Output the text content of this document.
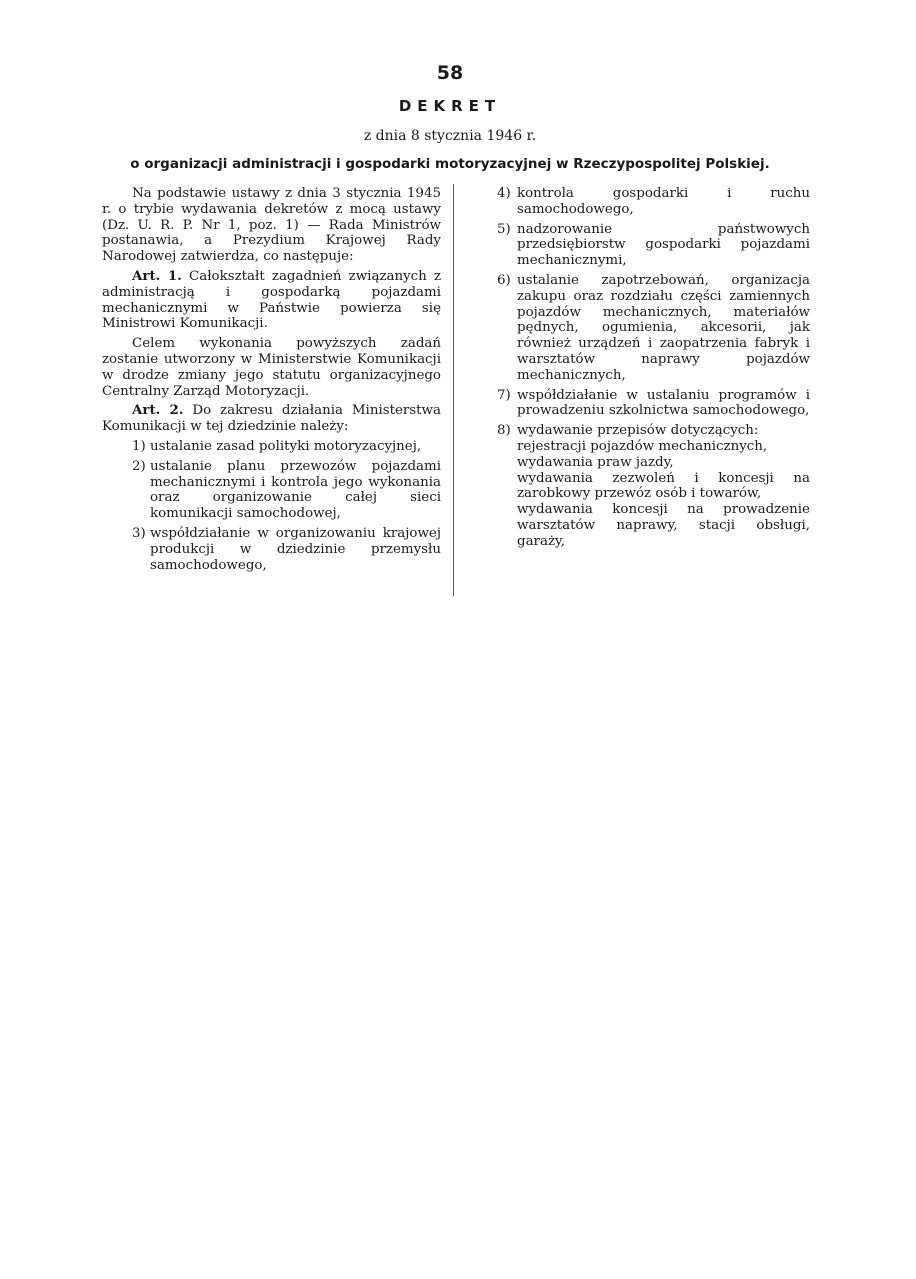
58
DEKRET
z dnia 8 stycznia 1946 r.
o organizacji administracji i gospodarki motoryzacyjnej w Rzeczypospolitej Polskiej.

Na podstawie ustawy z dnia 3 stycznia 1945 r. o trybie wydawania dekretów z mocą ustawy (Dz. U. R. P. Nr 1, poz. 1) — Rada Ministrów postanawia, a Prezydium Krajowej Rady Narodowej zatwierdza, co następuje:

Art. 1. Całokształt zagadnień związanych z administracją i gospodarką pojazdami mechanicznymi w Państwie powierza się Ministrowi Komunikacji.

Celem wykonania powyższych zadań zostanie utworzony w Ministerstwie Komunikacji w drodze zmiany jego statutu organizacyjnego Centralny Zarząd Motoryzacji.

Art. 2. Do zakresu działania Ministerstwa Komunikacji w tej dziedzinie należy:

1) ustalanie zasad polityki motoryzacyjnej,
2) ustalanie planu przewozów pojazdami mechanicznymi i kontrola jego wykonania oraz organizowanie całej sieci komunikacji samochodowej,
3) współdziałanie w organizowaniu krajowej produkcji w dziedzinie przemysłu samochodowego,
4) kontrola gospodarki i ruchu samochodowego,
5) nadzorowanie państwowych przedsiębiorstw gospodarki pojazdami mechanicznymi,
6) ustalanie zapotrzebowań, organizacja zakupu oraz rozdziału części zamiennych pojazdów mechanicznych, materiałów pędnych, ogumienia, akcesorii, jak również urządzeń i zaopatrzenia fabryk i warsztatów naprawy pojazdów mechanicznych,
7) współdziałanie w ustalaniu programów i prowadzeniu szkolnictwa samochodowego,
8) wydawanie przepisów dotyczących:
rejestracji pojazdów mechanicznych,
wydawania praw jazdy,
wydawania zezwoleń i koncesji na zarobkowy przewóz osób i towarów,
wydawania koncesji na prowadzenie warsztatów naprawy, stacji obsługi, garaży,
